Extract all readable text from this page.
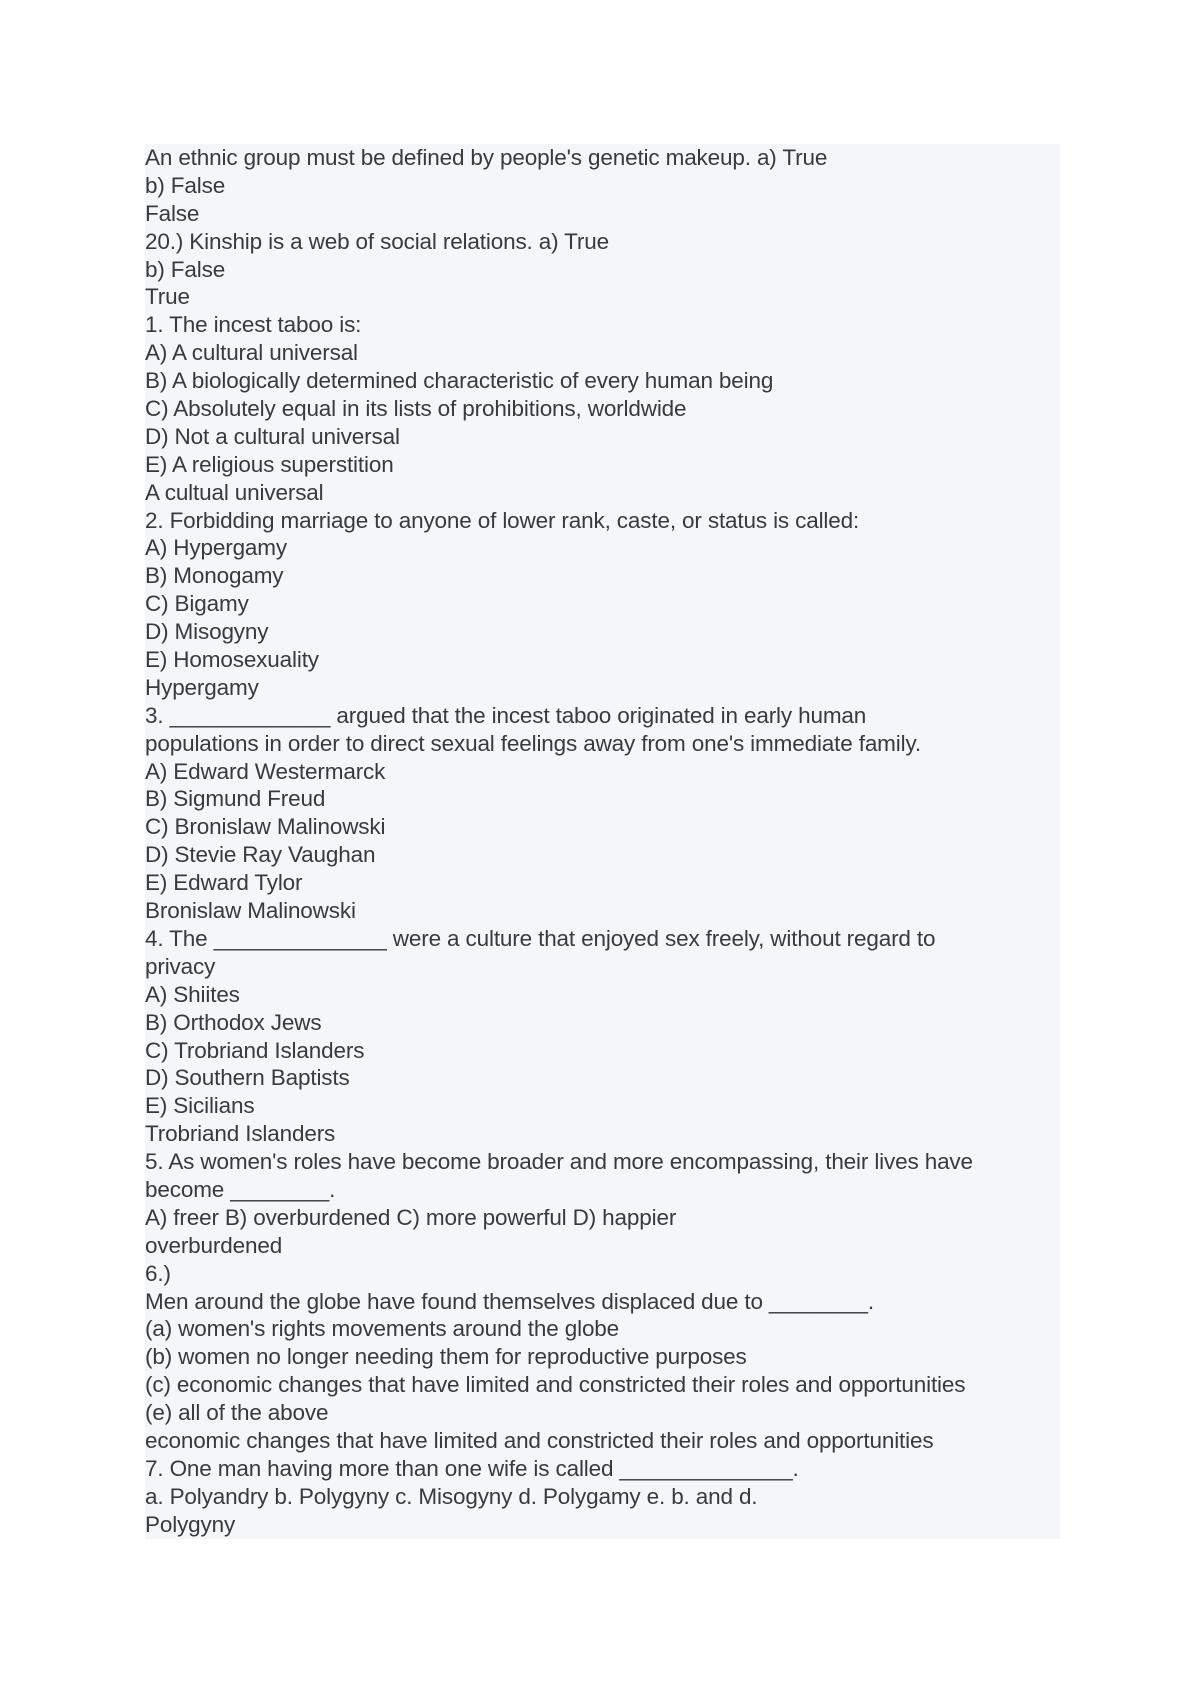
An ethnic group must be defined by people's genetic makeup. a) True
b) False
False
20.) Kinship is a web of social relations. a) True
b) False
True
1. The incest taboo is:
A) A cultural universal
B) A biologically determined characteristic of every human being
C) Absolutely equal in its lists of prohibitions, worldwide
D) Not a cultural universal
E) A religious superstition
A cultual universal
2. Forbidding marriage to anyone of lower rank, caste, or status is called:
A) Hypergamy
B) Monogamy
C) Bigamy
D) Misogyny
E) Homosexuality
Hypergamy
3. _____________ argued that the incest taboo originated in early human
populations in order to direct sexual feelings away from one's immediate family.
A) Edward Westermarck
B) Sigmund Freud
C) Bronislaw Malinowski
D) Stevie Ray Vaughan
E) Edward Tylor
Bronislaw Malinowski
4. The ______________ were a culture that enjoyed sex freely, without regard to
privacy
A) Shiites
B) Orthodox Jews
C) Trobriand Islanders
D) Southern Baptists
E) Sicilians
Trobriand Islanders
5. As women's roles have become broader and more encompassing, their lives have
become ________.
A) freer B) overburdened C) more powerful D) happier
overburdened
6.)
Men around the globe have found themselves displaced due to ________.
(a) women's rights movements around the globe
(b) women no longer needing them for reproductive purposes
(c) economic changes that have limited and constricted their roles and opportunities
(e) all of the above
economic changes that have limited and constricted their roles and opportunities
7. One man having more than one wife is called ______________.
a. Polyandry b. Polygyny c. Misogyny d. Polygamy e. b. and d.
Polygyny
